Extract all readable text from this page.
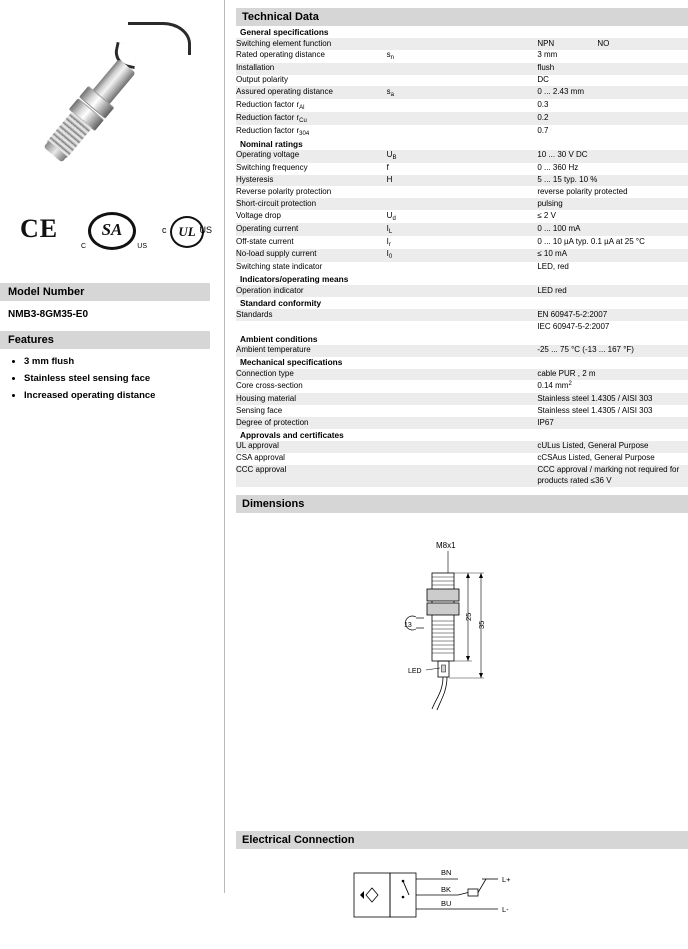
CE	SA
C	US
c UL US
Model Number
NMB3-8GM35-E0
Features
• 3 mm flush
• Stainless steel sensing face
• Increased operating distance
Technical Data
General specifications		
Switching element function		NPN NO
Rated operating distance	$s_n$	3 mm
Installation		flush
Output polarity		DC
Assured operating distance	$s_a$	0 ... 2.43 mm
Reduction factor $r_{Al}$		0.3
Reduction factor $r_{Cu}$		0.2
Reduction factor $r_{304}$		0.7
Nominal ratings		
Operating voltage	$U_B$	10 ... 30 V DC
Switching frequency	f	0 ... 360 Hz
Hysteresis	H	5 ... 15 typ. 10 %
Reverse polarity protection		reverse polarity protected
Short-circuit protection		pulsing
Voltage drop	$U_d$	≤ 2 V
Operating current	$I_L$	0 ... 100 mA
Off-state current	$I_r$	0 ... 10 µA typ. 0.1 µA at 25 °C
No-load supply current	$I_0$	≤ 10 mA
Switching state indicator		LED, red
Indicators/operating means		
Operation indicator		LED red
Standard conformity		
Standards		EN 60947-5-2:2007
		IEC 60947-5-2:2007
Ambient conditions		
Ambient temperature		-25 ... 75 °C (-13 ... 167 °F)
Mechanical specifications		
Connection type		cable PUR , 2 m
Core cross-section		0.14 $mm^2$
Housing material		Stainless steel 1.4305 / AISI 303
Sensing face		Stainless steel 1.4305 / AISI 303
Degree of protection		IP67
Approvals and certificates		
UL approval		cULus Listed, General Purpose
CSA approval		cCSAus Listed, General Purpose
CCC approval		CCC approval / marking not required for products rated ≤36 V
Dimensions
M8x1
LED
13
25
35
Electrical Connection
BN
BK
BU
L+
L-
